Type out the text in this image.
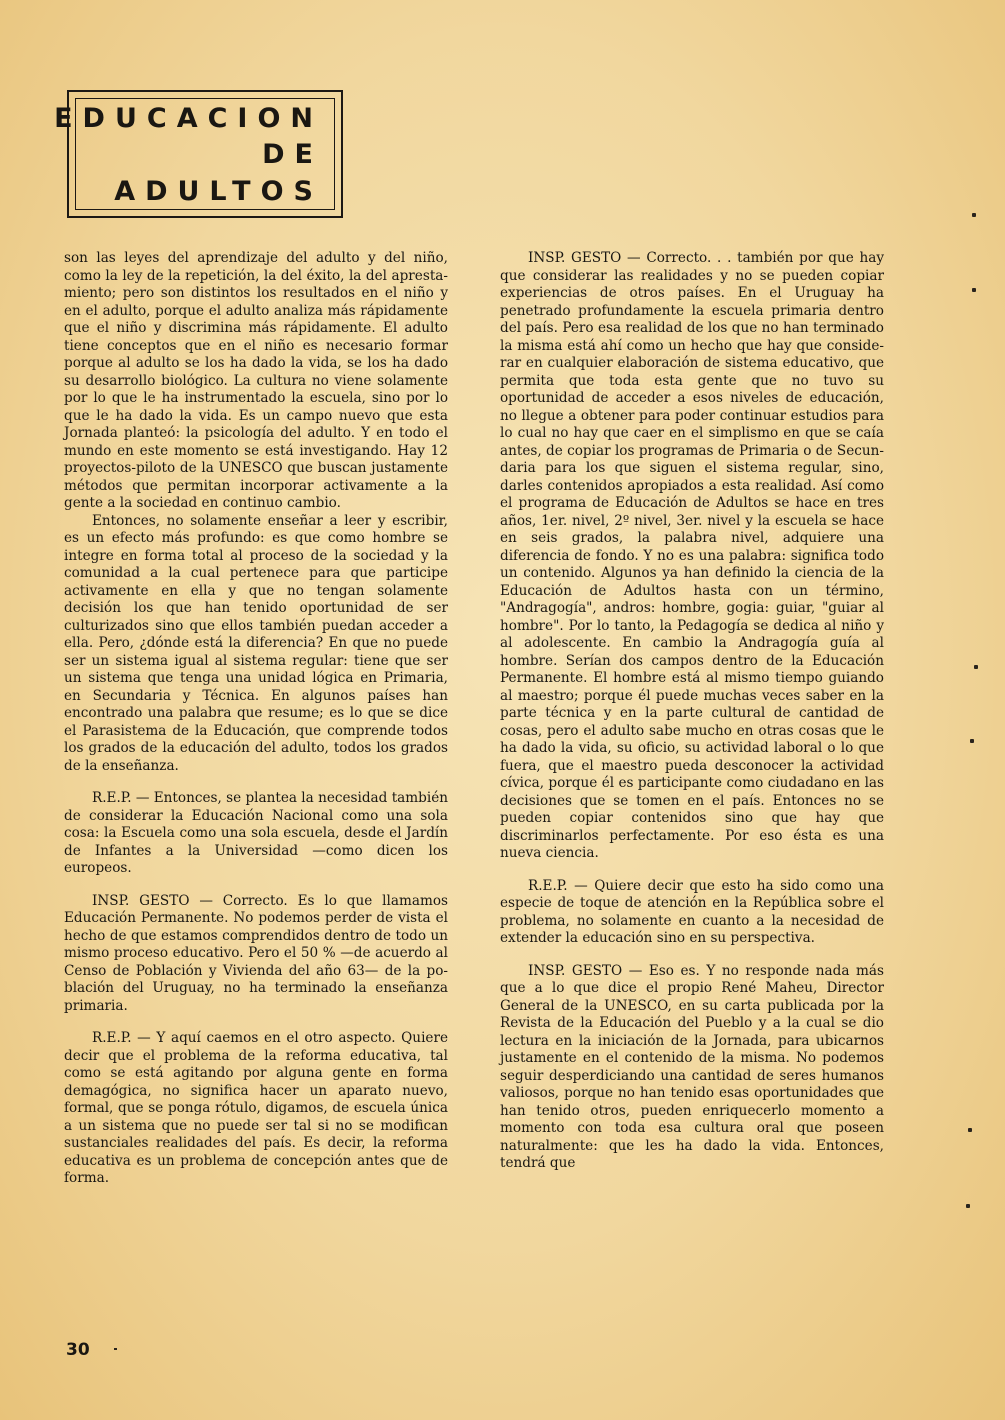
EDUCACION
DE
ADULTOS

son las leyes del aprendizaje del adulto y del niño, como la ley de la repetición, la del éxito, la del aprestamiento; pero son distintos los resultados en el niño y en el adulto, porque el adulto analiza más rápidamente que el niño y discrimina más rápidamente. El adulto tiene conceptos que en el niño es necesario formar porque al adulto se los ha dado la vida, se los ha dado su desarrollo biológico. La cultura no viene solamente por lo que le ha instrumentado la escuela, sino por lo que le ha dado la vida. Es un campo nuevo que esta Jornada planteó: la psicología del adulto. Y en todo el mundo en este momento se está investigando. Hay 12 proyectos-piloto de la UNESCO que buscan justamente métodos que permitan incorporar activamente a la gente a la sociedad en continuo cambio.

Entonces, no solamente enseñar a leer y escribir, es un efecto más profundo: es que como hombre se integre en forma total al proceso de la sociedad y la comunidad a la cual pertenece para que participe activamente en ella y que no tengan solamente decisión los que han tenido oportunidad de ser culturizados sino que ellos también puedan acceder a ella. Pero, ¿dónde está la diferencia? En que no puede ser un sistema igual al sistema regular: tiene que ser un sistema que tenga una unidad lógica en Primaria, en Secundaria y Técnica. En algunos países han encontrado una palabra que resume; es lo que se dice el Parasistema de la Educación, que comprende todos los grados de la educación del adulto, todos los grados de la enseñanza.

R.E.P. — Entonces, se plantea la necesidad también de considerar la Educación Nacional como una sola cosa: la Escuela como una sola escuela, desde el Jardín de Infantes a la Universidad —como dicen los europeos.

INSP. GESTO — Correcto. Es lo que llamamos Educación Permanente. No podemos perder de vista el hecho de que estamos comprendidos dentro de todo un mismo proceso educativo. Pero el 50 % —de acuerdo al Censo de Población y Vivienda del año 63— de la población del Uruguay, no ha terminado la enseñanza primaria.

R.E.P. — Y aquí caemos en el otro aspecto. Quiere decir que el problema de la reforma educativa, tal como se está agitando por alguna gente en forma demagógica, no significa hacer un aparato nuevo, formal, que se ponga rótulo, digamos, de escuela única a un sistema que no puede ser tal si no se modifican sustanciales realidades del país. Es decir, la reforma educativa es un problema de concepción antes que de forma.

INSP. GESTO — Correcto. . . también por que hay que considerar las realidades y no se pueden copiar experiencias de otros países. En el Uruguay ha penetrado profundamente la escuela primaria dentro del país. Pero esa realidad de los que no han terminado la misma está ahí como un hecho que hay que considerar en cualquier elaboración de sistema educativo, que permita que toda esta gente que no tuvo su oportunidad de acceder a esos niveles de educación, no llegue a obtener para poder continuar estudios para lo cual no hay que caer en el simplismo en que se caía antes, de copiar los programas de Primaria o de Secundaria para los que siguen el sistema regular, sino, darles contenidos apropiados a esta realidad. Así como el programa de Educación de Adultos se hace en tres años, 1er. nivel, 2º nivel, 3er. nivel y la escuela se hace en seis grados, la palabra nivel, adquiere una diferencia de fondo. Y no es una palabra: significa todo un contenido. Algunos ya han definido la ciencia de la Educación de Adultos hasta con un término, "Andragogía", andros: hombre, gogia: guiar, "guiar al hombre". Por lo tanto, la Pedagogía se dedica al niño y al adolescente. En cambio la Andragogía guía al hombre. Serían dos campos dentro de la Educación Permanente. El hombre está al mismo tiempo guiando al maestro; porque él puede muchas veces saber en la parte técnica y en la parte cultural de cantidad de cosas, pero el adulto sabe mucho en otras cosas que le ha dado la vida, su oficio, su actividad laboral o lo que fuera, que el maestro pueda desconocer la actividad cívica, porque él es participante como ciudadano en las decisiones que se tomen en el país. Entonces no se pueden copiar contenidos sino que hay que discriminarlos perfectamente. Por eso ésta es una nueva ciencia.

R.E.P. — Quiere decir que esto ha sido como una especie de toque de atención en la República sobre el problema, no solamente en cuanto a la necesidad de extender la educación sino en su perspectiva.

INSP. GESTO — Eso es. Y no responde nada más que a lo que dice el propio René Maheu, Director General de la UNESCO, en su carta publicada por la Revista de la Educación del Pueblo y a la cual se dio lectura en la iniciación de la Jornada, para ubicarnos justamente en el contenido de la misma. No podemos seguir desperdiciando una cantidad de seres humanos valiosos, porque no han tenido esas oportunidades que han tenido otros, pueden enriquecerlo momento a momento con toda esa cultura oral que poseen naturalmente: que les ha dado la vida. Entonces, tendrá que

30
